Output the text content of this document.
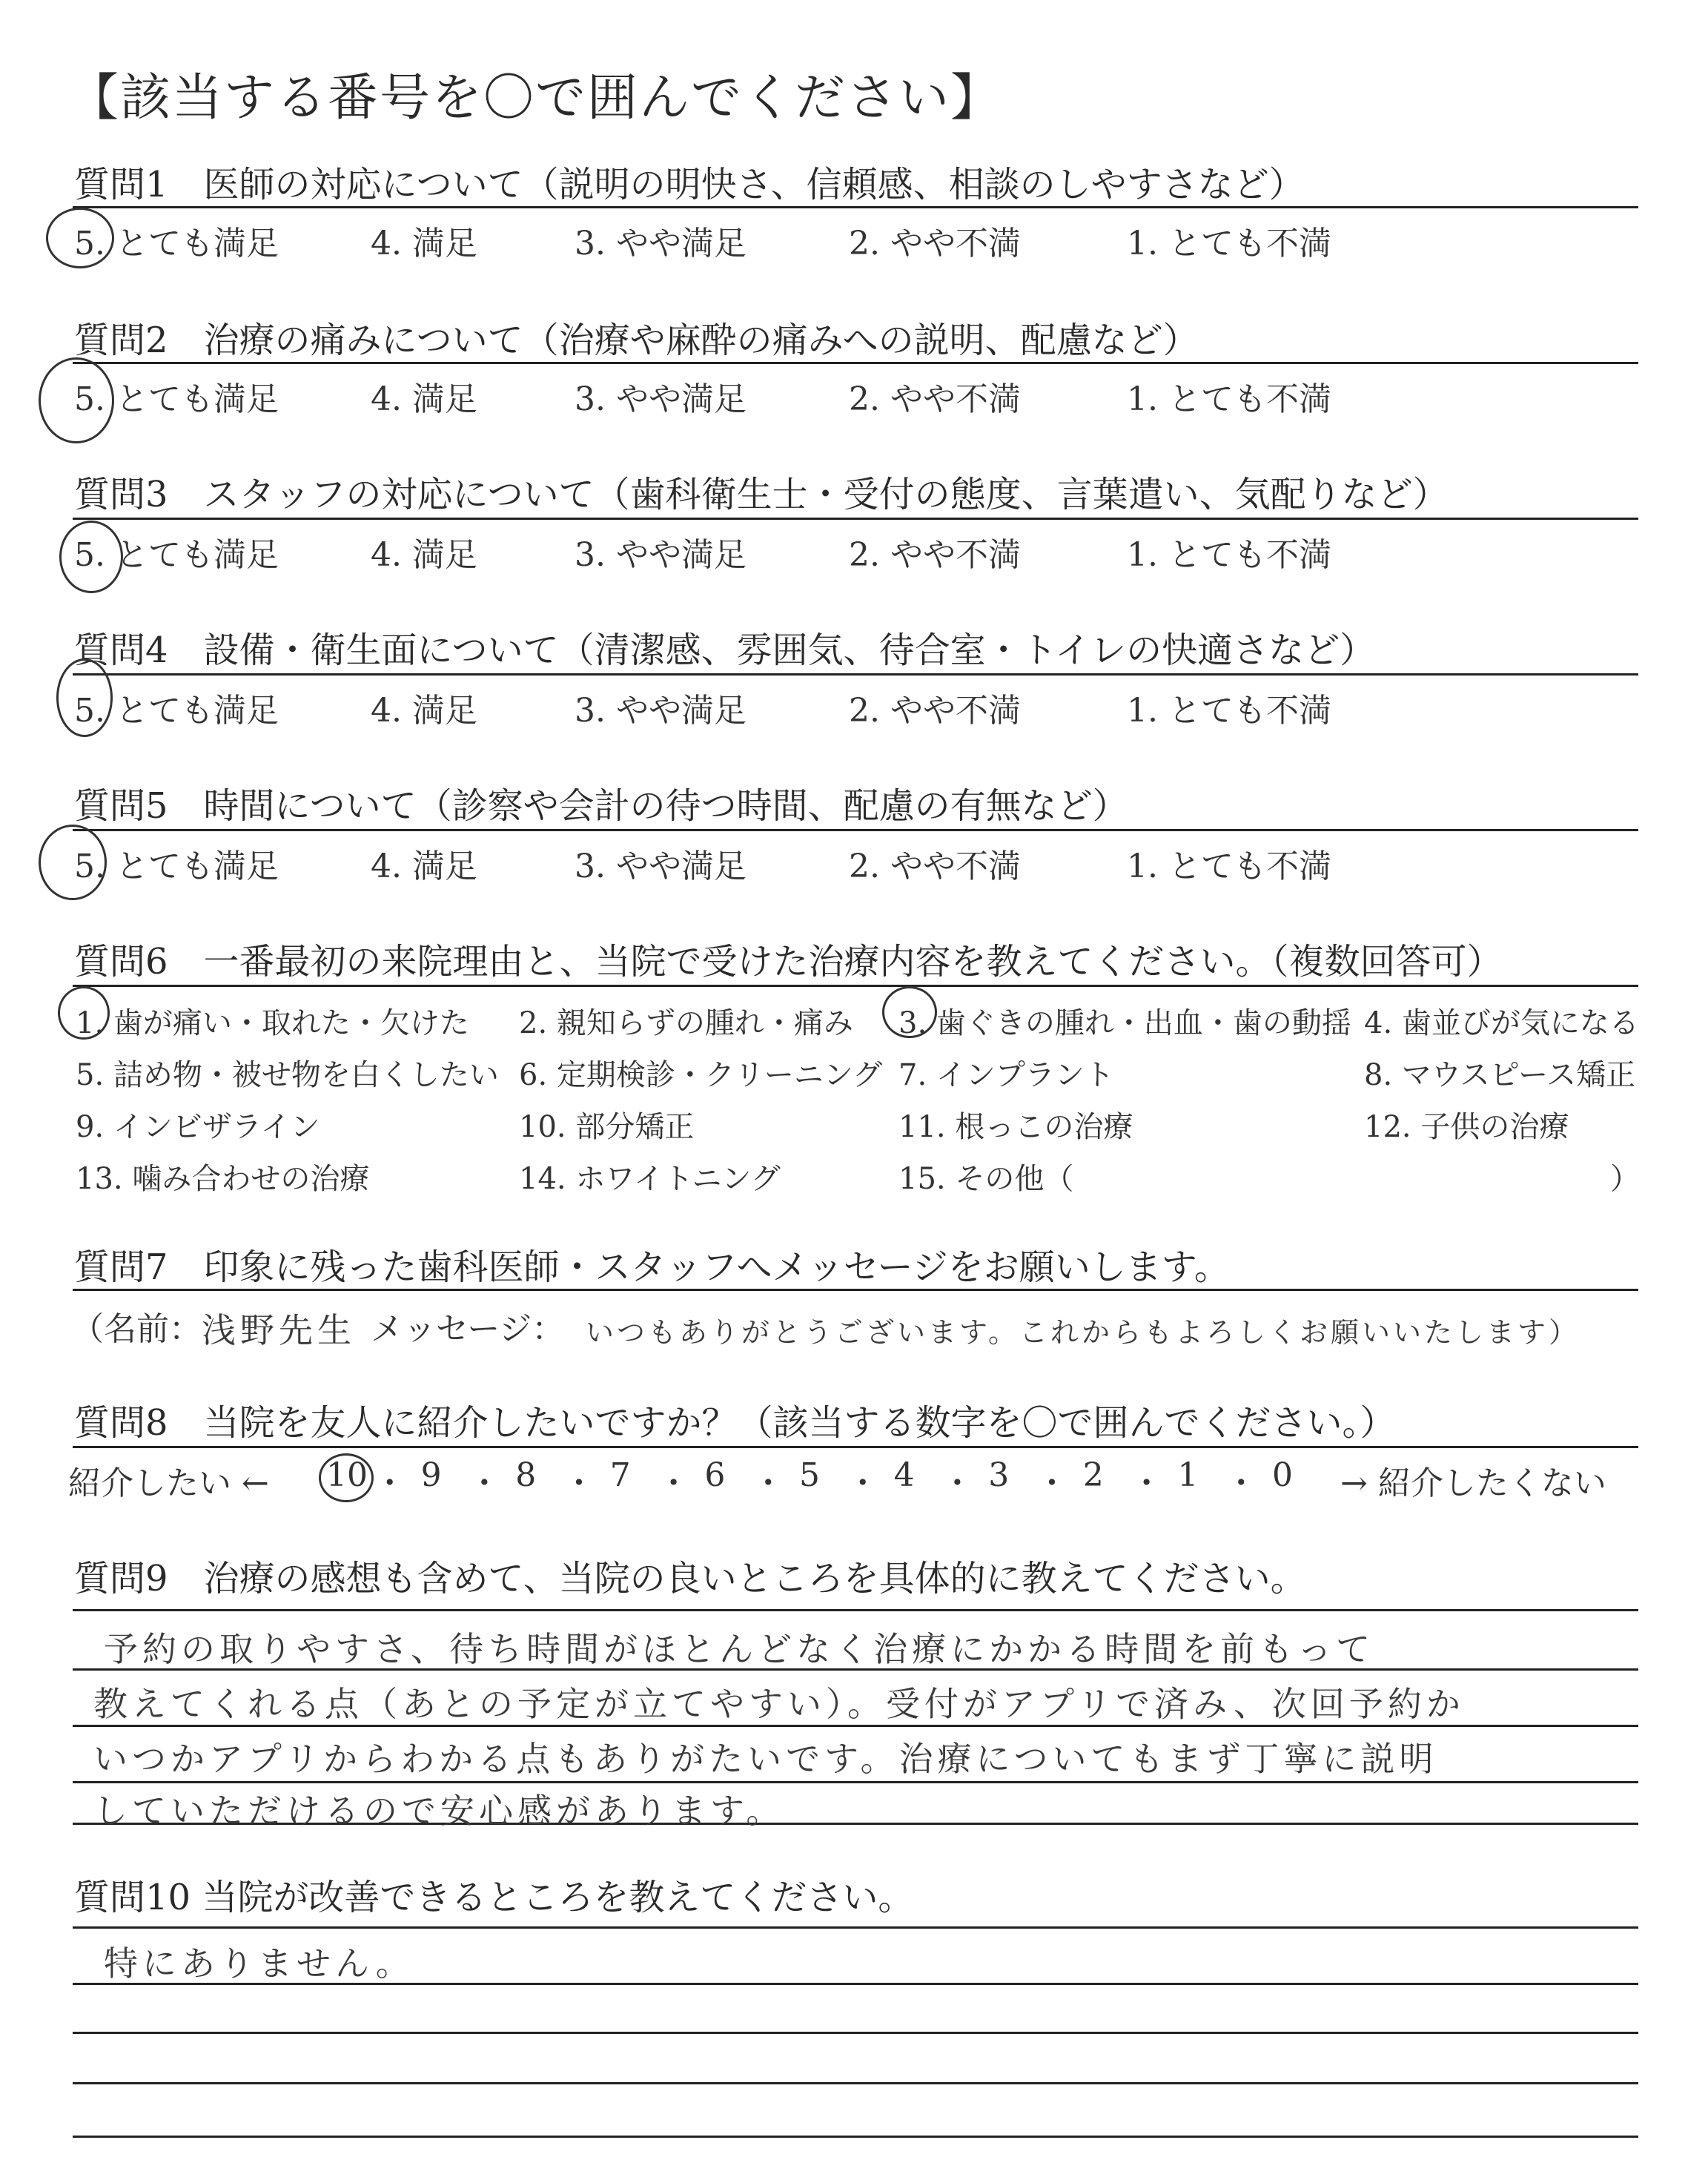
【該当する番号を〇で囲んでください】
質問1　医師の対応について（説明の明快さ、信頼感、相談のしやすさなど）
5. とても満足	4. 満足	3. やや満足	2. やや不満	1. とても不満
質問2　治療の痛みについて（治療や麻酔の痛みへの説明、配慮など）
5. とても満足	4. 満足	3. やや満足	2. やや不満	1. とても不満
質問3　スタッフの対応について（歯科衛生士・受付の態度、言葉遣い、気配りなど）
5. とても満足	4. 満足	3. やや満足	2. やや不満	1. とても不満
質問4　設備・衛生面について（清潔感、雰囲気、待合室・トイレの快適さなど）
5. とても満足	4. 満足	3. やや満足	2. やや不満	1. とても不満
質問5　時間について（診察や会計の待つ時間、配慮の有無など）
5. とても満足	4. 満足	3. やや満足	2. やや不満	1. とても不満
質問6　一番最初の来院理由と、当院で受けた治療内容を教えてください。（複数回答可）
1. 歯が痛い・取れた・欠けた 2. 親知らずの腫れ・痛み 3. 歯ぐきの腫れ・出血・歯の動揺 4. 歯並びが気になる
5. 詰め物・被せ物を白くしたい 6. 定期検診・クリーニング 7. インプラント	8. マウスピース矯正
9. インビザライン	10. 部分矯正	11. 根っこの治療	12. 子供の治療
13. 噛み合わせの治療	14. ホワイトニング	15. その他（	）
質問7　印象に残った歯科医師・スタッフへメッセージをお願いします。
（名前： 浅野先生 メッセージ： いつもありがとうございます。これからもよろしくお願いいたします）
質問8　当院を友人に紹介したいですか？（該当する数字を〇で囲んでください。）
紹介したい ← 10 ・ 9 ・ 8 ・ 7 ・ 6 ・ 5 ・ 4 ・ 3 ・ 2 ・ 1 ・ 0 → 紹介したくない
質問9　治療の感想も含めて、当院の良いところを具体的に教えてください。
予約の取りやすさ、待ち時間がほとんどなく治療にかかる時間を前もって
教えてくれる点（あとの予定が立てやすい）。受付がアプリで済み、次回予約か
いつかアプリからわかる点もありがたいです。治療についてもまず丁寧に説明
していただけるので安心感があります。
質問10 当院が改善できるところを教えてください。
特にありません。
